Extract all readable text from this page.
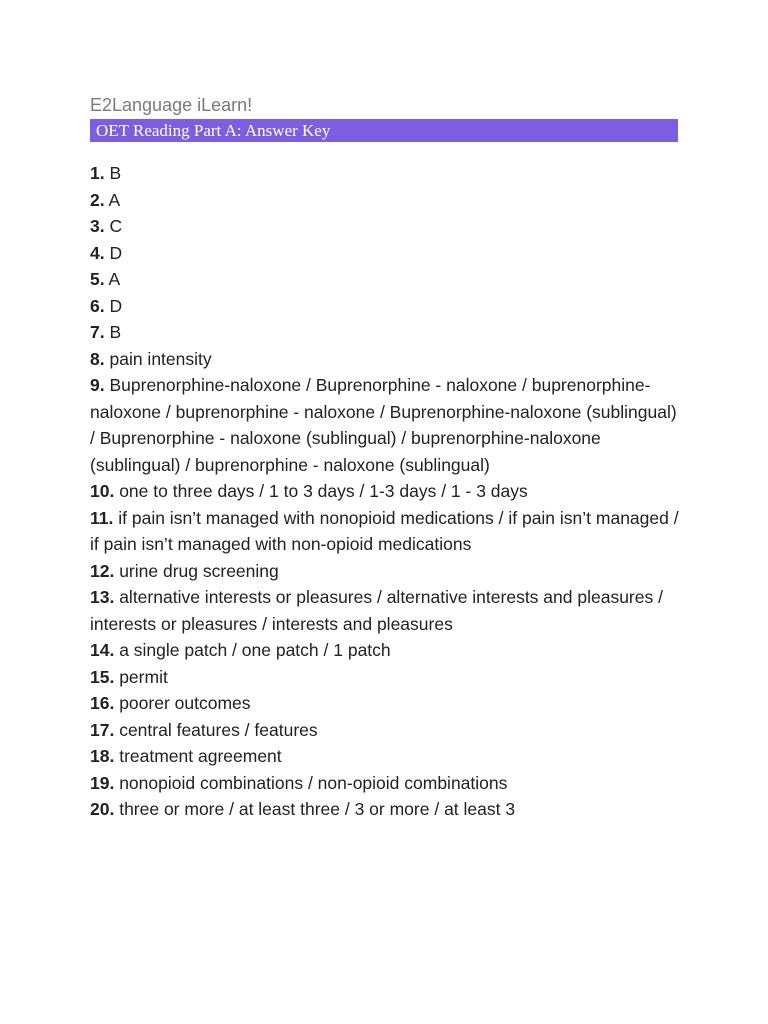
E2Language iLearn!
OET Reading Part A: Answer Key
1. B
2. A
3. C
4. D
5. A
6. D
7. B
8. pain intensity
9. Buprenorphine-naloxone / Buprenorphine - naloxone / buprenorphine-naloxone / buprenorphine - naloxone / Buprenorphine-naloxone (sublingual) / Buprenorphine - naloxone (sublingual) / buprenorphine-naloxone (sublingual) / buprenorphine - naloxone (sublingual)
10. one to three days / 1 to 3 days / 1-3 days / 1 - 3 days
11. if pain isn’t managed with nonopioid medications / if pain isn’t managed / if pain isn’t managed with non-opioid medications
12. urine drug screening
13. alternative interests or pleasures / alternative interests and pleasures / interests or pleasures / interests and pleasures
14. a single patch / one patch / 1 patch
15. permit
16. poorer outcomes
17. central features / features
18. treatment agreement
19. nonopioid combinations / non-opioid combinations
20. three or more / at least three / 3 or more / at least 3
